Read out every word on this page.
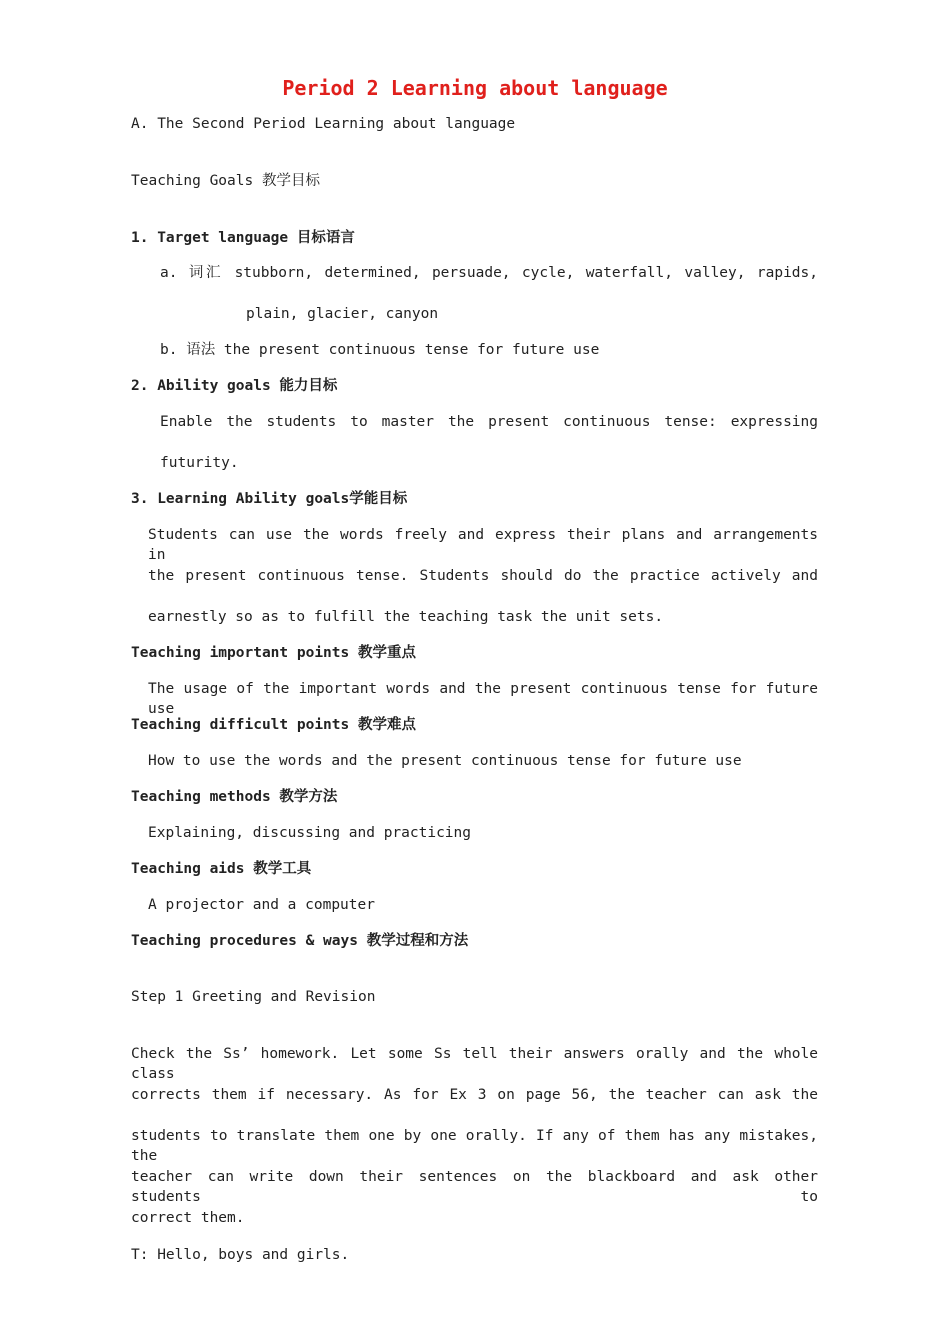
Period 2 Learning about language
A. The Second Period Learning about language
Teaching Goals 教学目标
1. Target language 目标语言
a. 词汇 stubborn, determined, persuade, cycle, waterfall, valley, rapids,
plain, glacier, canyon
b. 语法 the present continuous tense for future use
2. Ability goals 能力目标
Enable the students to master the present continuous tense: expressing
futurity.
3. Learning Ability goals学能目标
Students can use the words freely and express their plans and arrangements in
the present continuous tense. Students should do the practice actively and
earnestly so as to fulfill the teaching task the unit sets.
Teaching important points 教学重点
The usage of the important words and the present continuous tense for future use
Teaching difficult points 教学难点
How to use the words and the present continuous tense for future use
Teaching methods 教学方法
Explaining, discussing and practicing
Teaching aids 教学工具
A projector and a computer
Teaching procedures & ways 教学过程和方法
Step 1 Greeting and Revision
Check the Ss’ homework. Let some Ss tell their answers orally and the whole class
corrects them if necessary. As for Ex 3 on page 56, the teacher can ask the
students to translate them one by one orally. If any of them has any mistakes, the
teacher can write down their sentences on the blackboard and ask other students to
correct them.
T: Hello, boys and girls.
